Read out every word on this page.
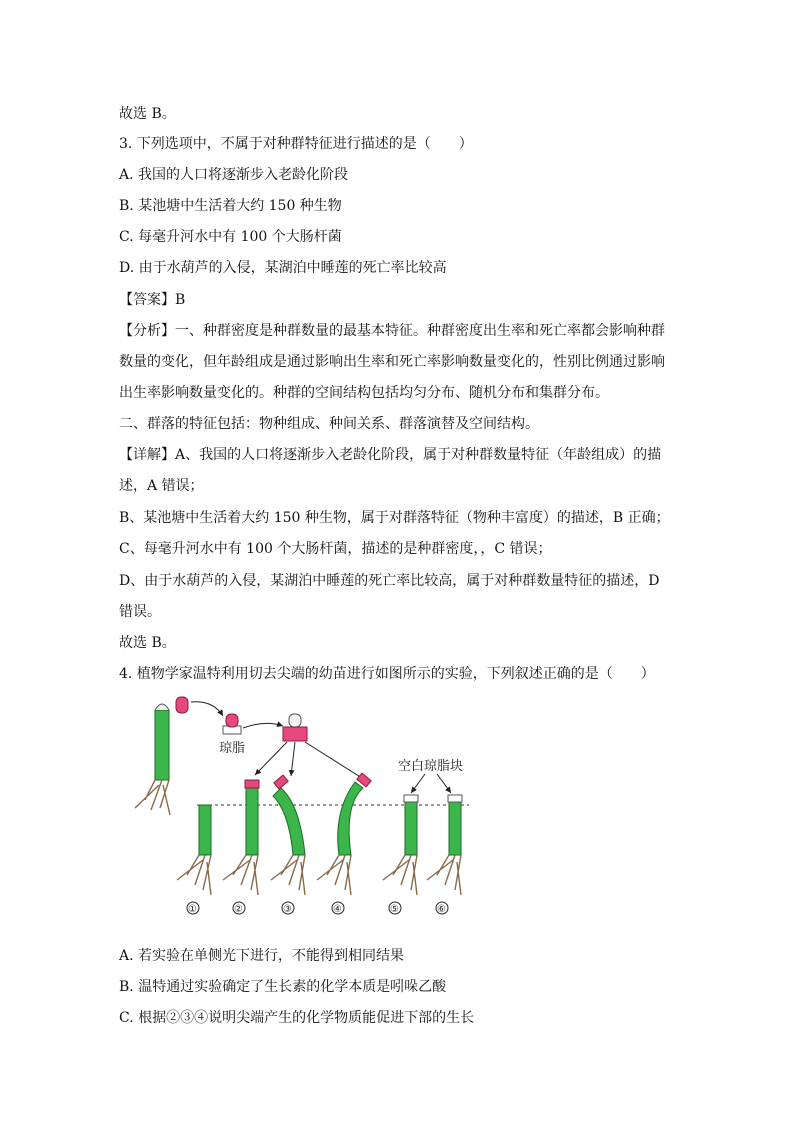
故选 B。
3. 下列选项中，不属于对种群特征进行描述的是（　　）
A. 我国的人口将逐渐步入老龄化阶段
B. 某池塘中生活着大约 150 种生物
C. 每毫升河水中有 100 个大肠杆菌
D. 由于水葫芦的入侵，某湖泊中睡莲的死亡率比较高
【答案】B
【分析】一、种群密度是种群数量的最基本特征。种群密度出生率和死亡率都会影响种群
数量的变化，但年龄组成是通过影响出生率和死亡率影响数量变化的，性别比例通过影响
出生率影响数量变化的。种群的空间结构包括均匀分布、随机分布和集群分布。
二、群落的特征包括：物种组成、种间关系、群落演替及空间结构。
【详解】A、我国的人口将逐渐步入老龄化阶段，属于对种群数量特征（年龄组成）的描
述，A 错误；
B、某池塘中生活着大约 150 种生物，属于对群落特征（物种丰富度）的描述，B 正确；
C、每毫升河水中有 100 个大肠杆菌，描述的是种群密度，，C 错误；
D、由于水葫芦的入侵，某湖泊中睡莲的死亡率比较高，属于对种群数量特征的描述，D
错误。
故选 B。
4. 植物学家温特利用切去尖端的幼苗进行如图所示的实验，下列叙述正确的是（　　）
琼脂
空白琼脂块
①	②	③	④	⑤	⑥
A. 若实验在单侧光下进行，不能得到相同结果
B. 温特通过实验确定了生长素的化学本质是吲哚乙酸
C. 根据②③④说明尖端产生的化学物质能促进下部的生长
